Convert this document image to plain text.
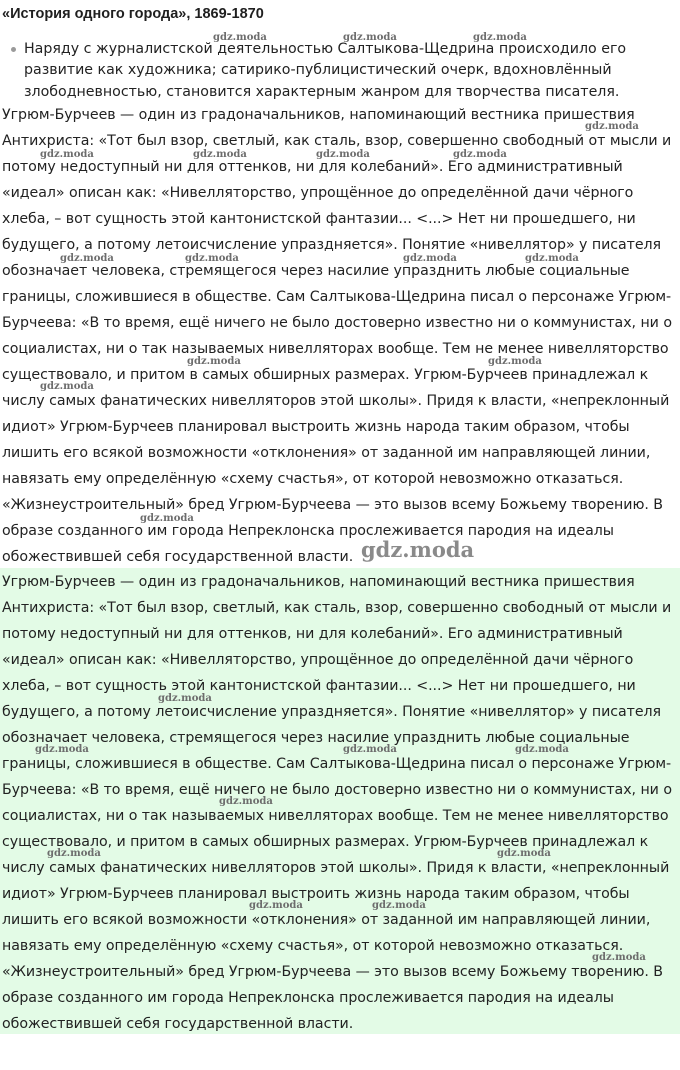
«История одного города», 1869-1870
Наряду с журналистской деятельностью Салтыкова-Щедрина происходило его развитие как художника; сатирико-публицистический очерк, вдохновлённый злободневностью, становится характерным жанром для творчества писателя.
Угрюм-Бурчеев — один из градоначальников, напоминающий вестника пришествия Антихриста: «Тот был взор, светлый, как сталь, взор, совершенно свободный от мысли и потому недоступный ни для оттенков, ни для колебаний». Его административный «идеал» описан как: «Нивелляторство, упрощённое до определённой дачи чёрного хлеба, – вот сущность этой кантонистской фантазии... <...> Нет ни прошедшего, ни будущего, а потому летоисчисление упраздняется». Понятие «нивеллятор» у писателя обозначает человека, стремящегося через насилие упразднить любые социальные границы, сложившиеся в обществе. Сам Салтыкова-Щедрина писал о персонаже Угрюм-Бурчеева: «В то время, ещё ничего не было достоверно известно ни о коммунистах, ни о социалистах, ни о так называемых нивелляторах вообще. Тем не менее нивелляторство существовало, и притом в самых обширных размерах. Угрюм-Бурчеев принадлежал к числу самых фанатических нивелляторов этой школы». Придя к власти, «непреклонный идиот» Угрюм-Бурчеев планировал выстроить жизнь народа таким образом, чтобы лишить его всякой возможности «отклонения» от заданной им направляющей линии, навязать ему определённую «схему счастья», от которой невозможно отказаться. «Жизнеустроительный» бред Угрюм-Бурчеева — это вызов всему Божьему творению. В образе созданного им города Непреклонска прослеживается пародия на идеалы обожествившей себя государственной власти.
Угрюм-Бурчеев — один из градоначальников, напоминающий вестника пришествия Антихриста: «Тот был взор, светлый, как сталь, взор, совершенно свободный от мысли и потому недоступный ни для оттенков, ни для колебаний». Его административный «идеал» описан как: «Нивелляторство, упрощённое до определённой дачи чёрного хлеба, – вот сущность этой кантонистской фантазии... <...> Нет ни прошедшего, ни будущего, а потому летоисчисление упраздняется». Понятие «нивеллятор» у писателя обозначает человека, стремящегося через насилие упразднить любые социальные границы, сложившиеся в обществе. Сам Салтыкова-Щедрина писал о персонаже Угрюм-Бурчеева: «В то время, ещё ничего не было достоверно известно ни о коммунистах, ни о социалистах, ни о так называемых нивелляторах вообще. Тем не менее нивелляторство существовало, и притом в самых обширных размерах. Угрюм-Бурчеев принадлежал к числу самых фанатических нивелляторов этой школы». Придя к власти, «непреклонный идиот» Угрюм-Бурчеев планировал выстроить жизнь народа таким образом, чтобы лишить его всякой возможности «отклонения» от заданной им направляющей линии, навязать ему определённую «схему счастья», от которой невозможно отказаться. «Жизнеустроительный» бред Угрюм-Бурчеева — это вызов всему Божьему творению. В образе созданного им города Непреклонска прослеживается пародия на идеалы обожествившей себя государственной власти.
gdz.moda	gdz.moda	gdz.moda
gdz.moda
gdz.moda	gdz.moda	gdz.moda	gdz.moda
gdz.moda	gdz.moda	gdz.moda	gdz.moda
gdz.moda	gdz.moda
gdz.moda
gdz.moda
gdz.moda
gdz.moda
gdz.moda	gdz.moda	gdz.moda
gdz.moda
gdz.moda	gdz.moda
gdz.moda	gdz.moda
gdz.moda
